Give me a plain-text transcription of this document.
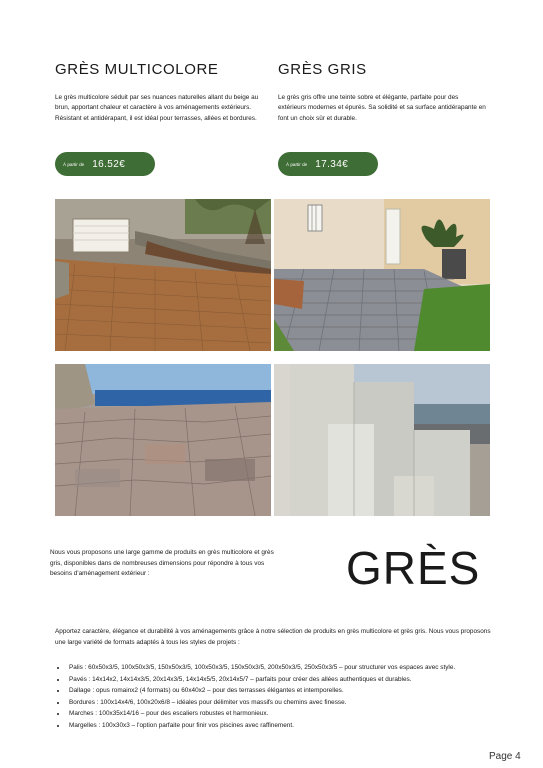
GRÈS MULTICOLORE	GRÈS GRIS

Le grès multicolore séduit par ses nuances naturelles allant du beige au brun, apportant chaleur et caractère à vos aménagements extérieurs. Résistant et antidérapant, il est idéal pour terrasses, allées et bordures.

Le grès gris offre une teinte sobre et élégante, parfaite pour des extérieurs modernes et épurés. Sa solidité et sa surface antidérapante en font un choix sûr et durable.

À partir de 16.52€	À partir de 17.34€

Nous vous proposons une large gamme de produits en grès multicolore et grès gris, disponibles dans de nombreuses dimensions pour répondre à tous vos besoins d'aménagement extérieur :	GRÈS

Apportez caractère, élégance et durabilité à vos aménagements grâce à notre sélection de produits en grès multicolore et grès gris. Nous vous proposons une large variété de formats adaptés à tous les styles de projets :

• Palis : 60x50x3/5, 100x50x3/5, 150x50x3/5, 100x50x3/5, 150x50x3/5, 200x50x3/5, 250x50x3/5 – pour structurer vos espaces avec style.
• Pavés : 14x14x2, 14x14x3/5, 20x14x3/5, 14x14x5/5, 20x14x5/7 – parfaits pour créer des allées authentiques et durables.
• Dallage : opus romainx2 (4 formats) ou 60x40x2 – pour des terrasses élégantes et intemporelles.
• Bordures : 100x14x4/6, 100x20x6/8 – idéales pour délimiter vos massifs ou chemins avec finesse.
• Marches : 100x35x14/16 – pour des escaliers robustes et harmonieux.
• Margelles : 100x30x3 – l'option parfaite pour finir vos piscines avec raffinement.
Page 4
